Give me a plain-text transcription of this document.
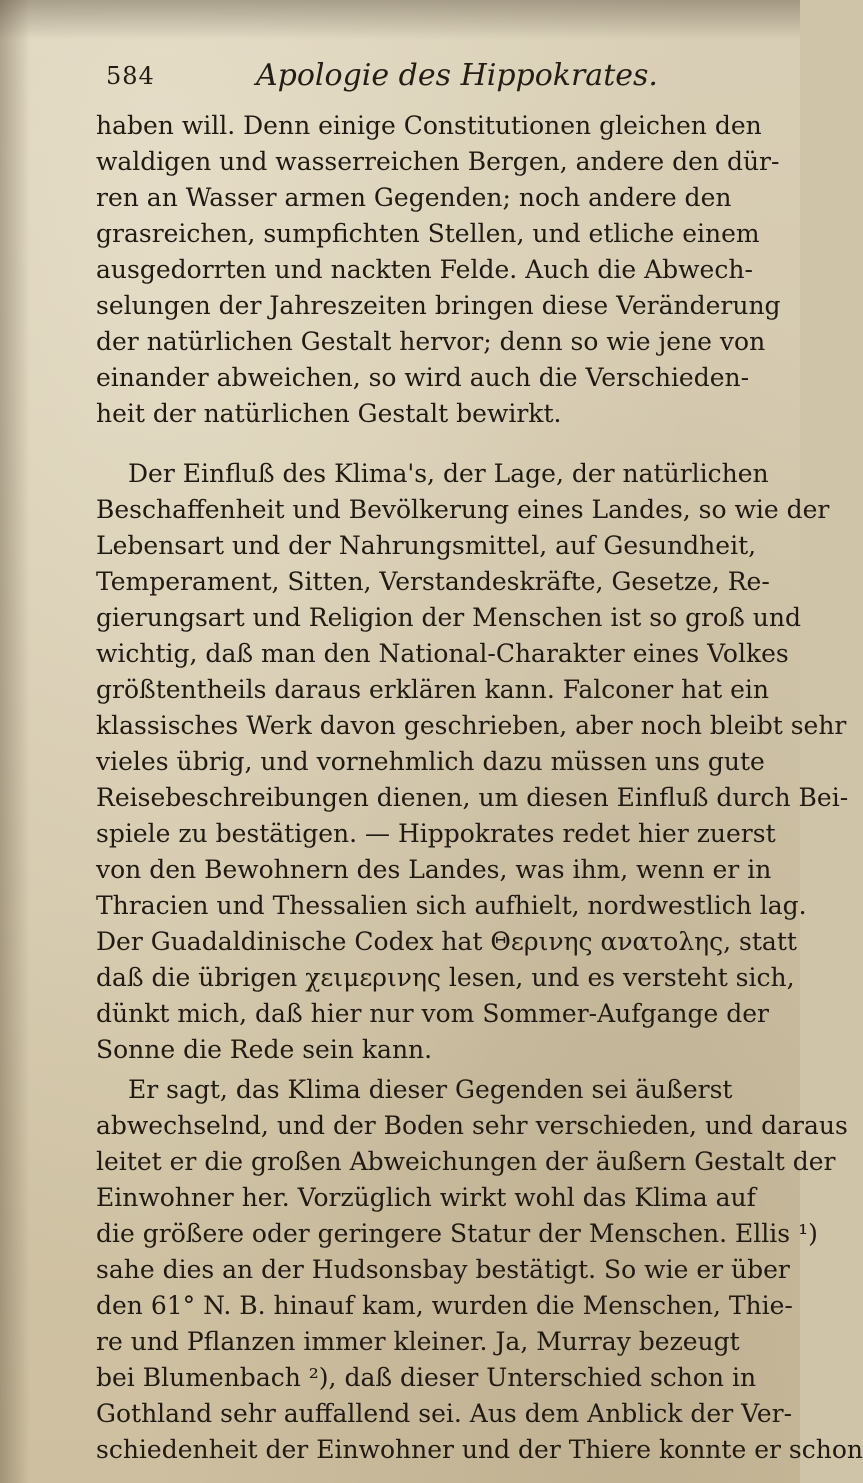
584	Apologie des Hippokrates.
haben will. Denn einige Constitutionen gleichen den
waldigen und wasserreichen Bergen, andere den dür-
ren an Wasser armen Gegenden; noch andere den
grasreichen, sumpfichten Stellen, und etliche einem
ausgedorrten und nackten Felde. Auch die Abwech-
selungen der Jahreszeiten bringen diese Veränderung
der natürlichen Gestalt hervor; denn so wie jene von
einander abweichen, so wird auch die Verschieden-
heit der natürlichen Gestalt bewirkt.
Der Einfluß des Klima's, der Lage, der natürlichen
Beschaffenheit und Bevölkerung eines Landes, so wie der
Lebensart und der Nahrungsmittel, auf Gesundheit,
Temperament, Sitten, Verstandeskräfte, Gesetze, Re-
gierungsart und Religion der Menschen ist so groß und
wichtig, daß man den National-Charakter eines Volkes
größtentheils daraus erklären kann. Falconer hat ein
klassisches Werk davon geschrieben, aber noch bleibt sehr
vieles übrig, und vornehmlich dazu müssen uns gute
Reisebeschreibungen dienen, um diesen Einfluß durch Bei-
spiele zu bestätigen. — Hippokrates redet hier zuerst
von den Bewohnern des Landes, was ihm, wenn er in
Thracien und Thessalien sich aufhielt, nordwestlich lag.
Der Guadaldinische Codex hat Θερινης ανατολης, statt
daß die übrigen χειμερινης lesen, und es versteht sich,
dünkt mich, daß hier nur vom Sommer-Aufgange der
Sonne die Rede sein kann.
Er sagt, das Klima dieser Gegenden sei äußerst
abwechselnd, und der Boden sehr verschieden, und daraus
leitet er die großen Abweichungen der äußern Gestalt der
Einwohner her. Vorzüglich wirkt wohl das Klima auf
die größere oder geringere Statur der Menschen. Ellis ¹)
sahe dies an der Hudsonsbay bestätigt. So wie er über
den 61° N. B. hinauf kam, wurden die Menschen, Thie-
re und Pflanzen immer kleiner. Ja, Murray bezeugt
bei Blumenbach ²), daß dieser Unterschied schon in
Gothland sehr auffallend sei. Aus dem Anblick der Ver-
schiedenheit der Einwohner und der Thiere konnte er schon
